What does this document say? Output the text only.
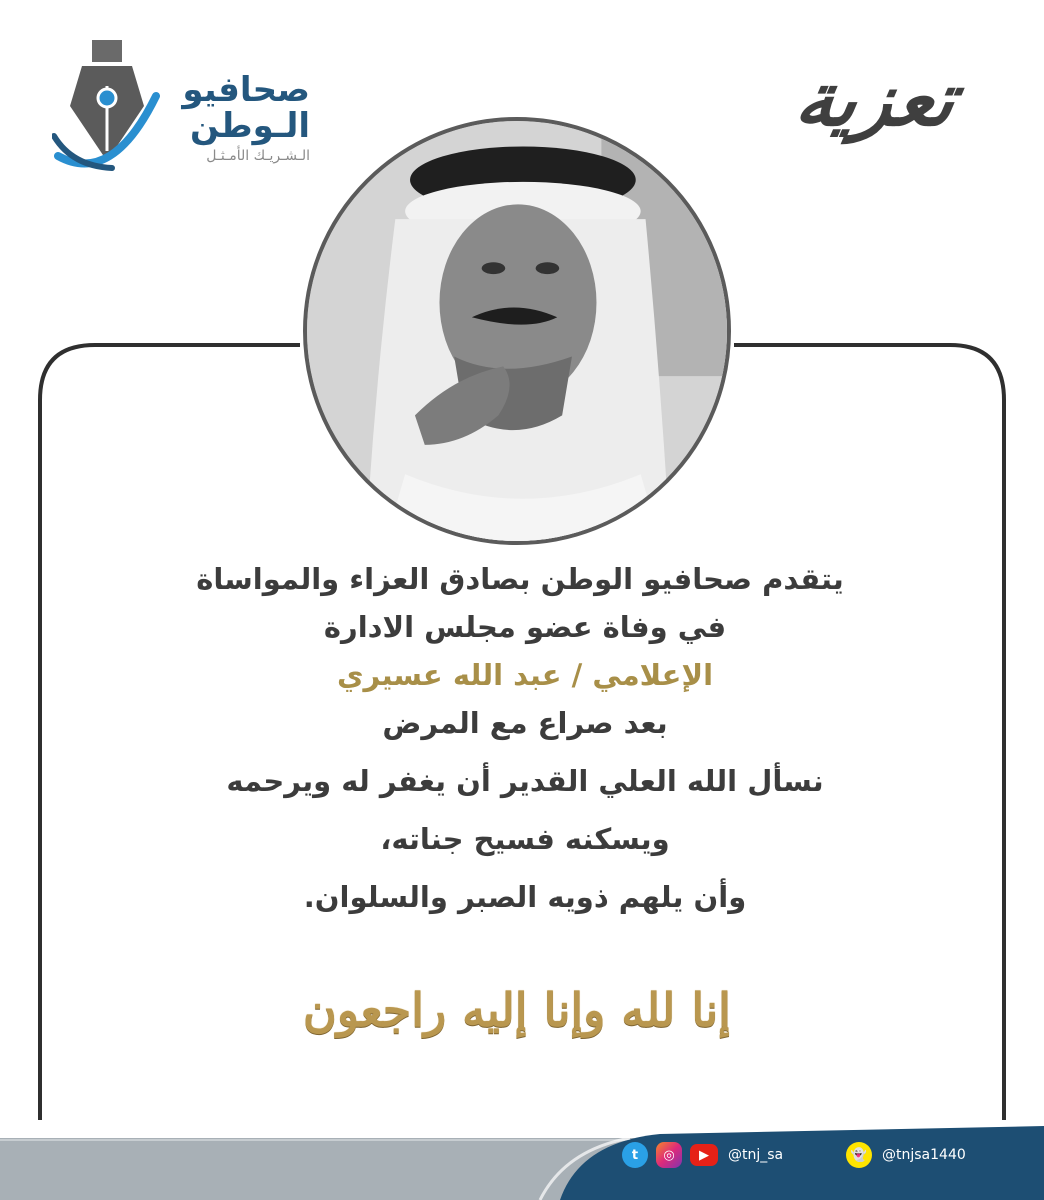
صحافيو
الـوطن
الـشـريـك الأمـثـل
تعزية
يتقدم صحافيو الوطن بصادق العزاء والمواساة
في وفاة عضو مجلس الادارة
الإعلامي / عبد الله عسيري
بعد صراع مع المرض
نسأل الله العلي القدير أن يغفر له ويرحمه
ويسكنه فسيح جناته،
وأن يلهم ذويه الصبر والسلوان.
إنا لله وإنا إليه راجعون
t	◎	▶	@tnj_sa	👻	@tnjsa1440
